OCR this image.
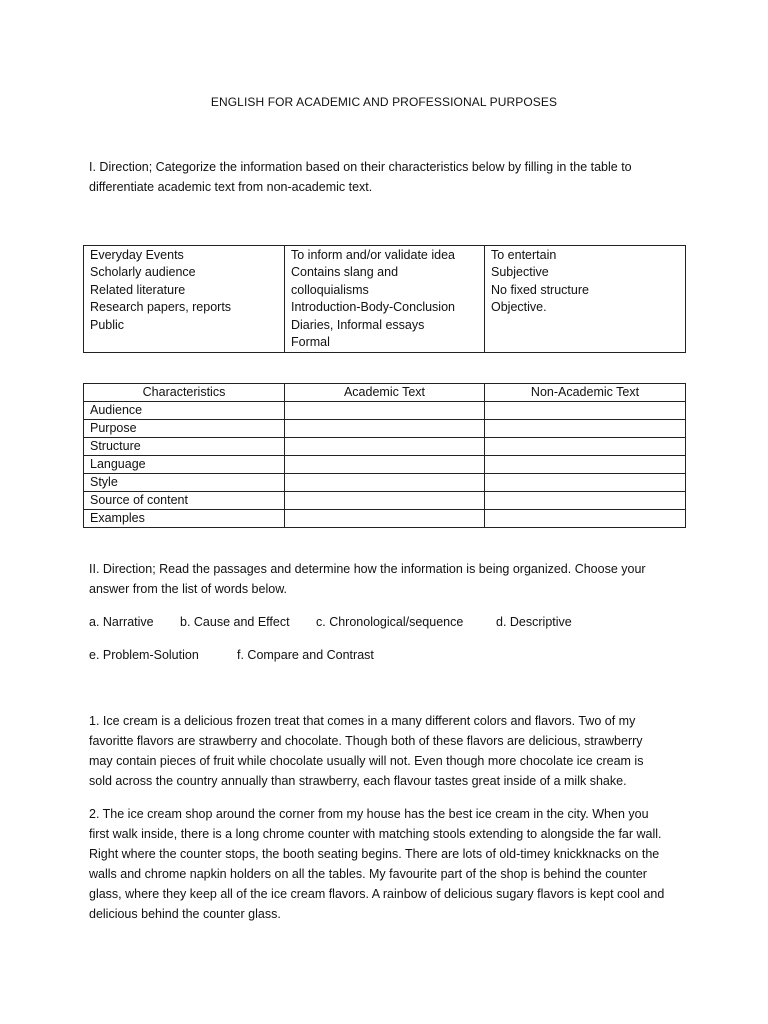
ENGLISH FOR ACADEMIC AND PROFESSIONAL PURPOSES
I. Direction; Categorize the information based on their characteristics below by filling in the table to
differentiate academic text from non-academic text.
Everyday Events
Scholarly audience
Related literature
Research papers, reports
Public

To inform and/or validate idea
Contains slang and
colloquialisms
Introduction-Body-Conclusion
Diaries, Informal essays
Formal

To entertain
Subjective
No fixed structure
Objective.
Characteristics	Academic Text	Non-Academic Text
Audience		
Purpose		
Structure		
Language		
Style		
Source of content		
Examples		
II. Direction; Read the passages and determine how the information is being organized. Choose your
answer from the list of words below.
a. Narrative b. Cause and Effect c. Chronological/sequence	d. Descriptive
e. Problem-Solution	f. Compare and Contrast
1. Ice cream is a delicious frozen treat that comes in a many different colors and flavors. Two of my
favoritte flavors are strawberry and chocolate. Though both of these flavors are delicious, strawberry
may contain pieces of fruit while chocolate usually will not. Even though more chocolate ice cream is
sold across the country annually than strawberry, each flavour tastes great inside of a milk shake.
2. The ice cream shop around the corner from my house has the best ice cream in the city. When you
first walk inside, there is a long chrome counter with matching stools extending to alongside the far wall.
Right where the counter stops, the booth seating begins. There are lots of old-timey knickknacks on the
walls and chrome napkin holders on all the tables. My favourite part of the shop is behind the counter
glass, where they keep all of the ice cream flavors. A rainbow of delicious sugary flavors is kept cool and
delicious behind the counter glass.
